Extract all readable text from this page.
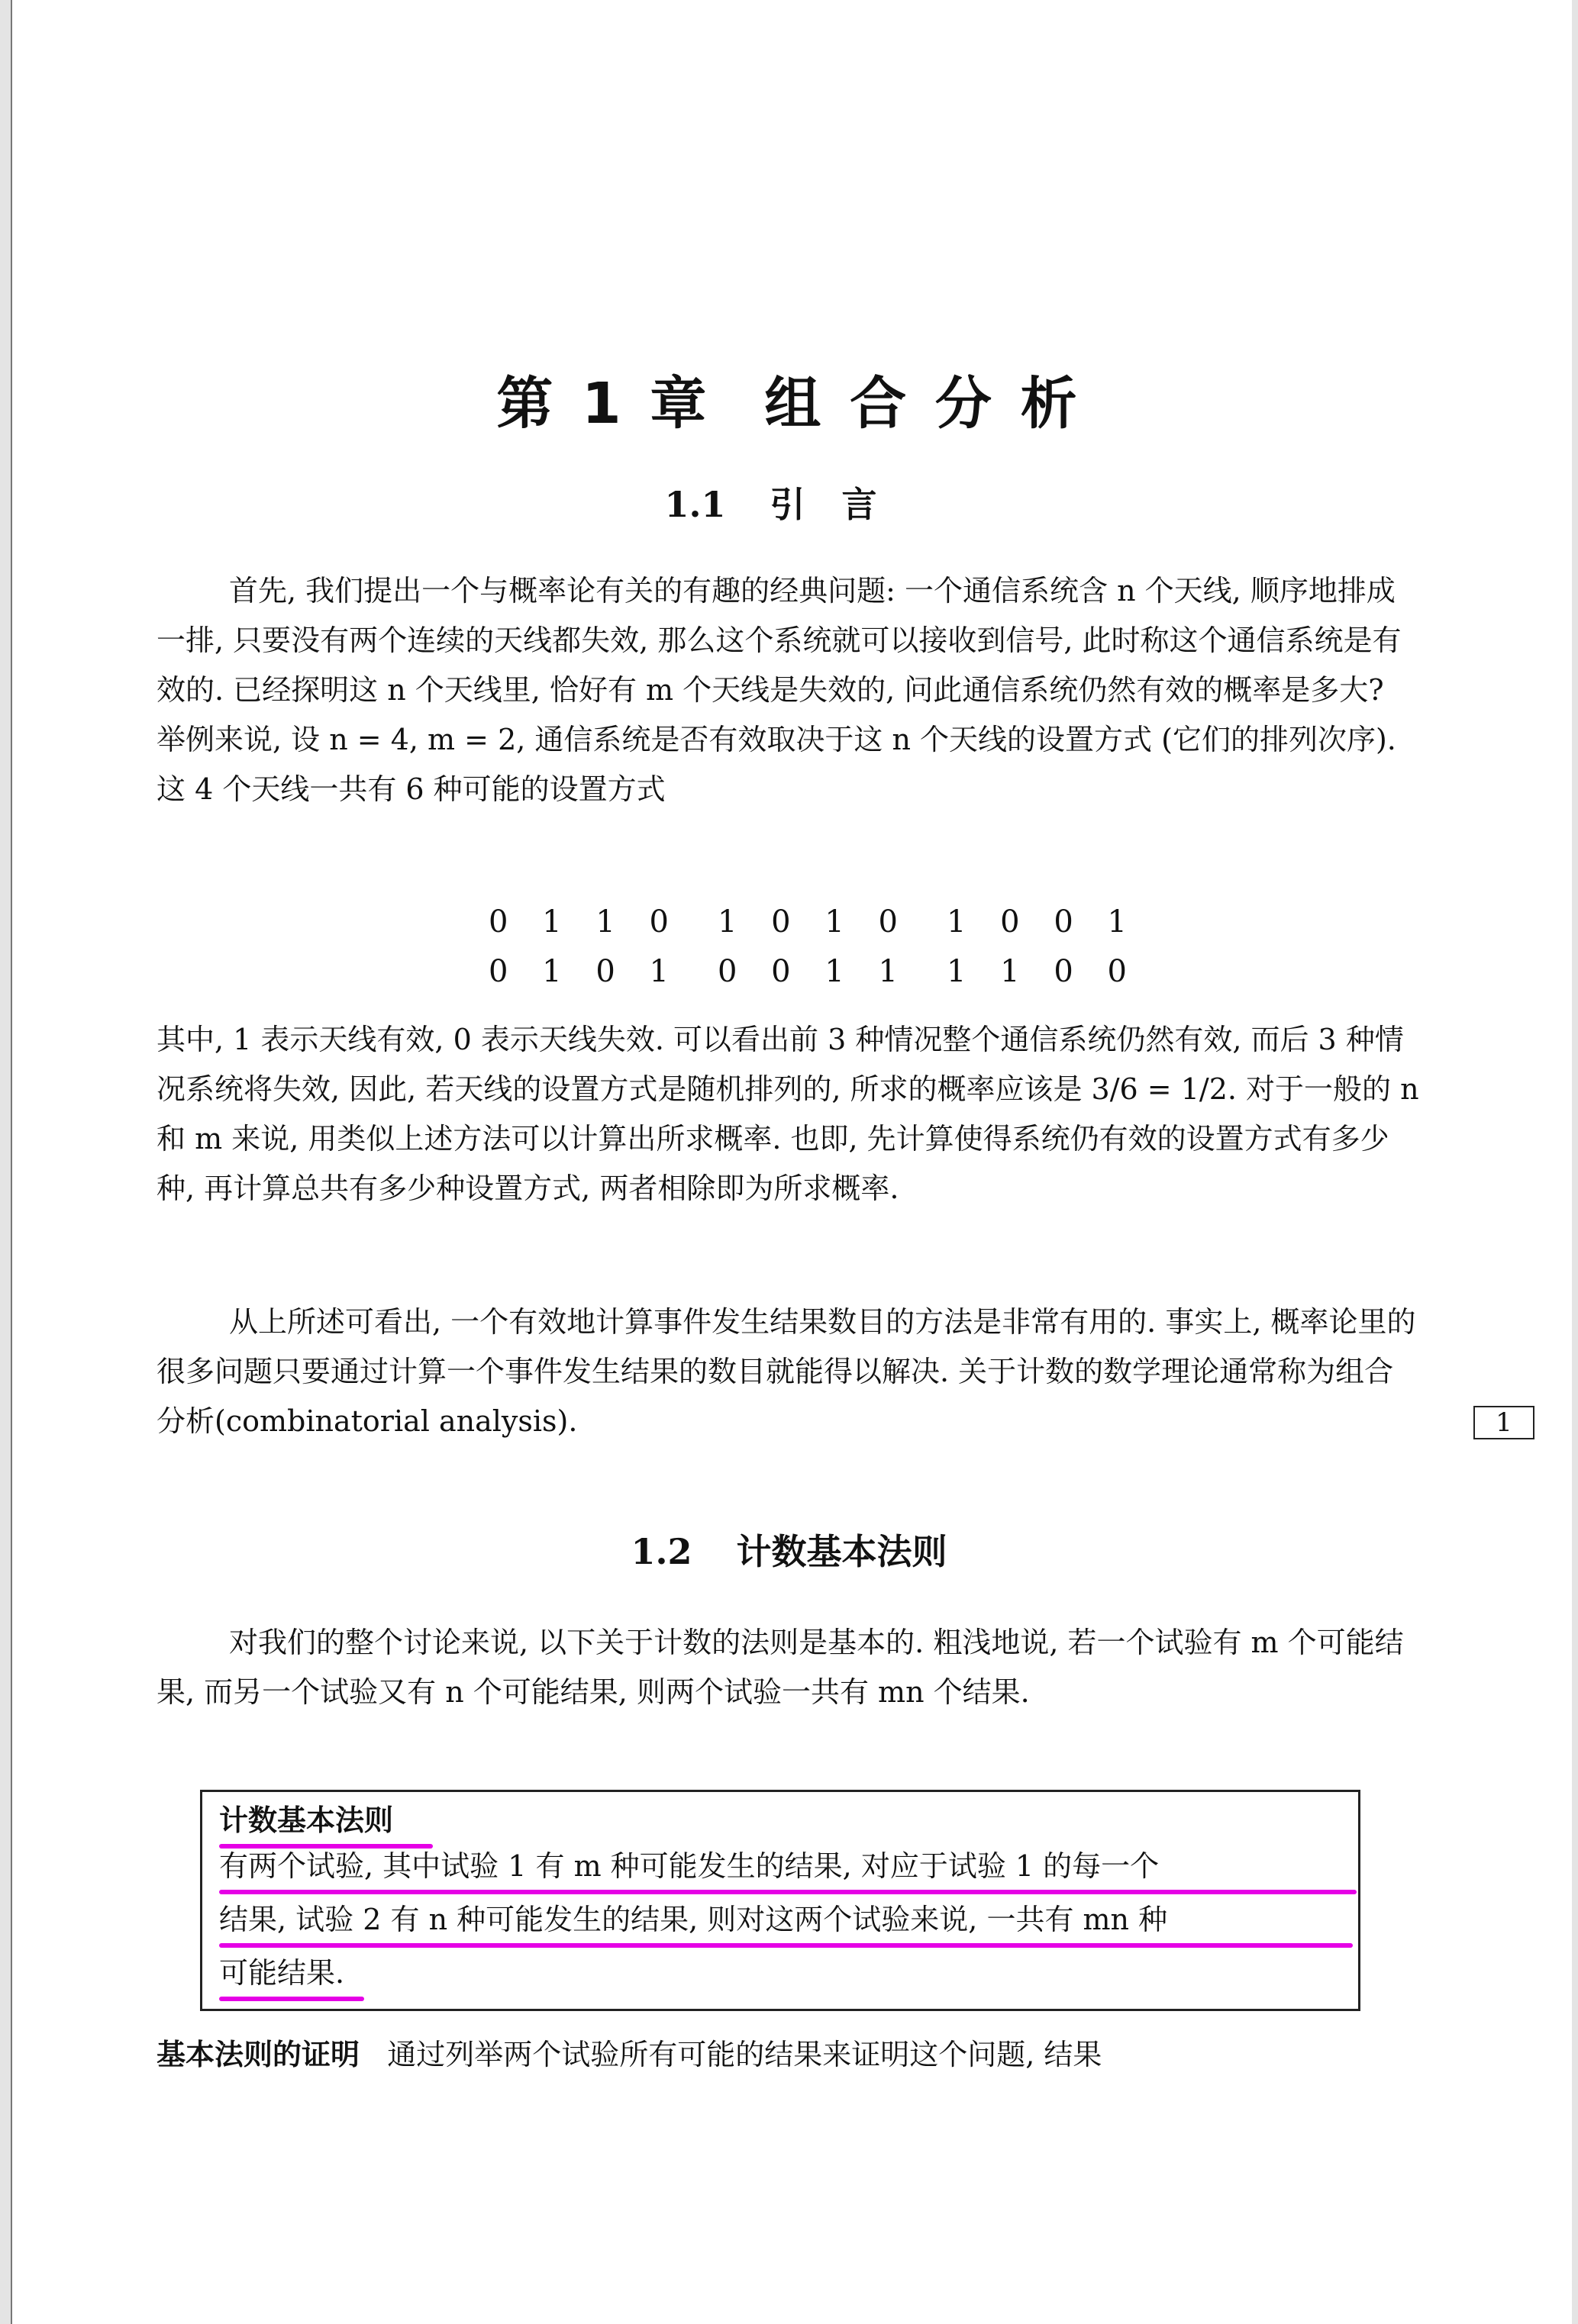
第 1 章 组 合 分 析
1.1 引言

首先, 我们提出一个与概率论有关的有趣的经典问题: 一个通信系统含 n 个天线, 顺序地排成一排, 只要没有两个连续的天线都失效, 那么这个系统就可以接收到信号, 此时称这个通信系统是有效的. 已经探明这 n 个天线里, 恰好有 m 个天线是失效的, 问此通信系统仍然有效的概率是多大? 举例来说, 设 n = 4, m = 2, 通信系统是否有效取决于这 n 个天线的设置方式 (它们的排列次序). 这 4 个天线一共有 6 种可能的设置方式

0 1 1 0	1 0 1 0	1 0 0 1
0 1 0 1	0 0 1 1	1 1 0 0

其中, 1 表示天线有效, 0 表示天线失效. 可以看出前 3 种情况整个通信系统仍然有效, 而后 3 种情况系统将失效, 因此, 若天线的设置方式是随机排列的, 所求的概率应该是 3/6 = 1/2. 对于一般的 n 和 m 来说, 用类似上述方法可以计算出所求概率. 也即, 先计算使得系统仍有效的设置方式有多少种, 再计算总共有多少种设置方式, 两者相除即为所求概率.

从上所述可看出, 一个有效地计算事件发生结果数目的方法是非常有用的. 事实上, 概率论里的很多问题只要通过计算一个事件发生结果的数目就能得以解决. 关于计数的数学理论通常称为组合分析(combinatorial analysis).	1
1.2 计数基本法则

对我们的整个讨论来说, 以下关于计数的法则是基本的. 粗浅地说, 若一个试验有 m 个可能结果, 而另一个试验又有 n 个可能结果, 则两个试验一共有 mn 个结果.

计数基本法则
有两个试验, 其中试验 1 有 m 种可能发生的结果, 对应于试验 1 的每一个
结果, 试验 2 有 n 种可能发生的结果, 则对这两个试验来说, 一共有 mn 种
可能结果.

基本法则的证明 通过列举两个试验所有可能的结果来证明这个问题, 结果
